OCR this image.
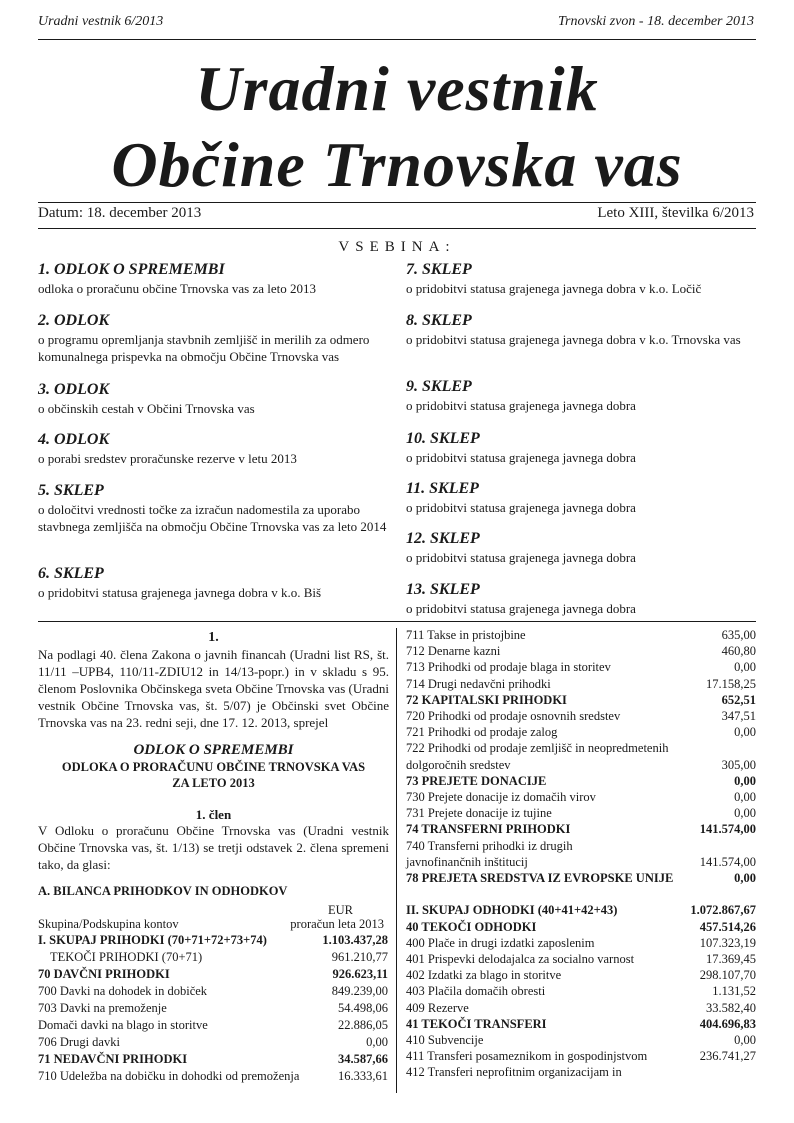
Uradni vestnik 6/2013	Trnovski zvon - 18. december 2013
Uradni vestnik
Občine Trnovska vas
Datum: 18. december 2013	Leto XIII, številka 6/2013
VSEBINA:
1. ODLOK O SPREMEMBI
odloka o proračunu občine Trnovska vas za leto 2013
2. ODLOK
o programu opremljanja stavbnih zemljišč in merilih za odmero komunalnega prispevka na območju Občine Trnovska vas
3. ODLOK
o občinskih cestah v Občini Trnovska vas
4. ODLOK
o porabi sredstev proračunske rezerve v letu 2013
5. SKLEP
o določitvi vrednosti točke za izračun nadomestila za uporabo stavbnega zemljišča na območju Občine Trnovska vas za leto 2014
6. SKLEP
o pridobitvi statusa grajenega javnega dobra v k.o. Biš
7. SKLEP
o pridobitvi statusa grajenega javnega dobra v k.o. Ločič
8. SKLEP
o pridobitvi statusa grajenega javnega dobra v k.o. Trnovska vas
9. SKLEP
o pridobitvi statusa grajenega javnega dobra
10. SKLEP
o pridobitvi statusa grajenega javnega dobra
11. SKLEP
o pridobitvi statusa grajenega javnega dobra
12. SKLEP
o pridobitvi statusa grajenega javnega dobra
13. SKLEP
o pridobitvi statusa grajenega javnega dobra
1.
Na podlagi 40. člena Zakona o javnih financah (Uradni list RS, št. 11/11 –UPB4, 110/11-ZDIU12 in 14/13-popr.) in v skladu s 95. členom Poslovnika Občinskega sveta Občine Trnovska vas (Uradni vestnik Občine Trnovska vas, št. 5/07) je Občinski svet Občine Trnovska vas na 23. redni seji, dne 17. 12. 2013, sprejel
ODLOK O SPREMEMBI
ODLOKA O PRORAČUNU OBČINE TRNOVSKA VAS ZA LETO 2013
1. člen
V Odloku o proračunu Občine Trnovska vas (Uradni vestnik Občine Trnovska vas, št. 1/13) se tretji odstavek 2. člena spremeni tako, da glasi:
A. BILANCA PRIHODKOV IN ODHODKOV
EUR
Skupina/Podskupina kontov	proračun leta 2013
I. SKUPAJ PRIHODKI (70+71+72+73+74)	1.103.437,28
TEKOČI PRIHODKI (70+71)	961.210,77
70 DAVČNI PRIHODKI	926.623,11
700 Davki na dohodek in dobiček	849.239,00
703 Davki na premoženje	54.498,06
Domači davki na blago in storitve	22.886,05
706 Drugi davki	0,00
71 NEDAVČNI PRIHODKI	34.587,66
710 Udeležba na dobičku in dohodki od premoženja	16.333,61
711 Takse in pristojbine	635,00
712 Denarne kazni	460,80
713 Prihodki od prodaje blaga in storitev	0,00
714 Drugi nedavčni prihodki	17.158,25
72 KAPITALSKI PRIHODKI	652,51
720 Prihodki od prodaje osnovnih sredstev	347,51
721 Prihodki od prodaje zalog	0,00
722 Prihodki od prodaje zemljišč in neopredmetenih
dolgoročnih sredstev	305,00
73 PREJETE DONACIJE	0,00
730 Prejete donacije iz domačih virov	0,00
731 Prejete donacije iz tujine	0,00
74 TRANSFERNI PRIHODKI	141.574,00
740 Transferni prihodki iz drugih
javnofinančnih inštitucij	141.574,00
78 PREJETA SREDSTVA IZ EVROPSKE UNIJE	0,00
II. SKUPAJ ODHODKI (40+41+42+43)	1.072.867,67
40 TEKOČI ODHODKI	457.514,26
400 Plače in drugi izdatki zaposlenim	107.323,19
401 Prispevki delodajalca za socialno varnost	17.369,45
402 Izdatki za blago in storitve	298.107,70
403 Plačila domačih obresti	1.131,52
409 Rezerve	33.582,40
41 TEKOČI TRANSFERI	404.696,83
410 Subvencije	0,00
411 Transferi posameznikom in gospodinjstvom	236.741,27
412 Transferi neprofitnim organizacijam in
